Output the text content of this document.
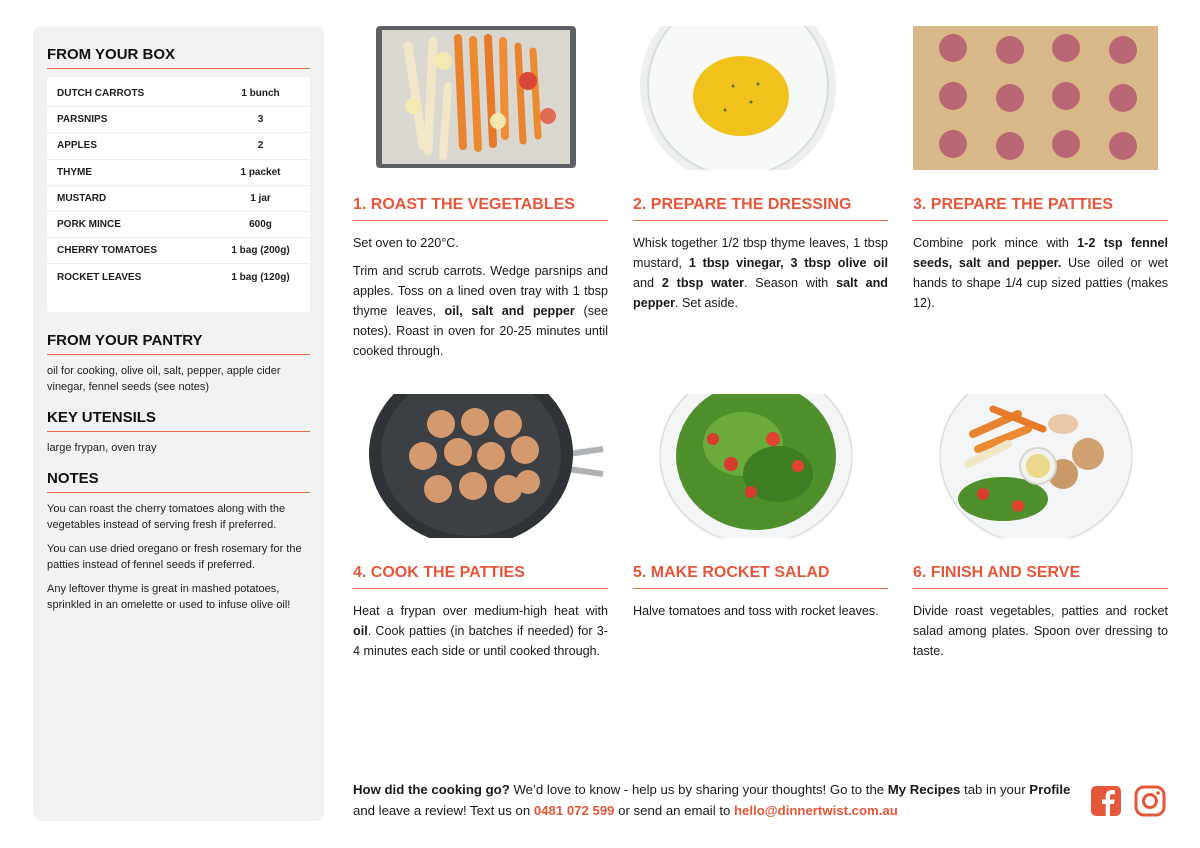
FROM YOUR BOX
DUTCH CARROTS	1 bunch
PARSNIPS	3
APPLES	2
THYME	1 packet
MUSTARD	1 jar
PORK MINCE	600g
CHERRY TOMATOES	1 bag (200g)
ROCKET LEAVES	1 bag (120g)
FROM YOUR PANTRY
oil for cooking, olive oil, salt, pepper, apple cider vinegar, fennel seeds (see notes)
KEY UTENSILS
large frypan, oven tray
NOTES
You can roast the cherry tomatoes along with the vegetables instead of serving fresh if preferred.
You can use dried oregano or fresh rosemary for the patties instead of fennel seeds if preferred.
Any leftover thyme is great in mashed potatoes, sprinkled in an omelette or used to infuse olive oil!
1. ROAST THE VEGETABLES

Set oven to 220°C.

Trim and scrub carrots. Wedge parsnips and apples. Toss on a lined oven tray with 1 tbsp thyme leaves, oil, salt and pepper (see notes). Roast in oven for 20-25 minutes until cooked through.

2. PREPARE THE DRESSING

Whisk together 1/2 tbsp thyme leaves, 1 tbsp mustard, 1 tbsp vinegar, 3 tbsp olive oil and 2 tbsp water. Season with salt and pepper. Set aside.

3. PREPARE THE PATTIES

Combine pork mince with 1-2 tsp fennel seeds, salt and pepper. Use oiled or wet hands to shape 1/4 cup sized patties (makes 12).

4. COOK THE PATTIES

Heat a frypan over medium-high heat with oil. Cook patties (in batches if needed) for 3-4 minutes each side or until cooked through.

5. MAKE ROCKET SALAD

Halve tomatoes and toss with rocket leaves.

6. FINISH AND SERVE

Divide roast vegetables, patties and rocket salad among plates. Spoon over dressing to taste.

How did the cooking go? We’d love to know - help us by sharing your thoughts! Go to the My Recipes tab in your Profile and leave a review! Text us on 0481 072 599 or send an email to hello@dinnertwist.com.au
